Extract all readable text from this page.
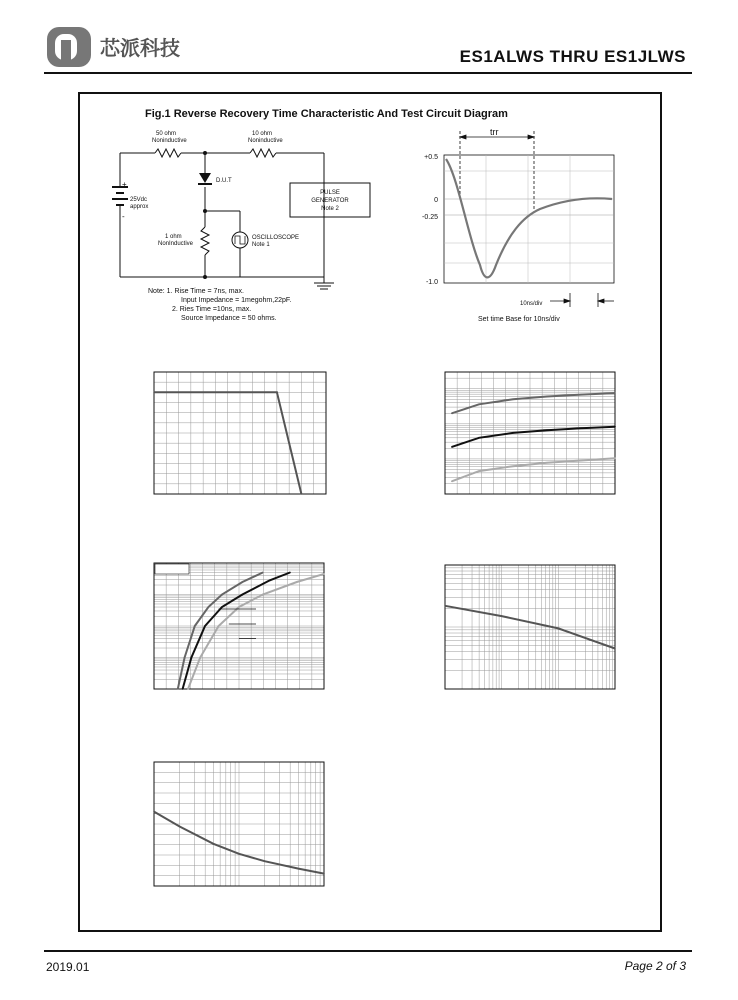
芯派科技	ES1ALWS THRU ES1JLWS
Fig.1 Reverse Recovery Time Characteristic And Test Circuit Diagram
50 ohm
Noninductive
10 ohm
Noninductive
D.U.T
25Vdc
approx
+
-
1 ohm
NonInductive
OSCILLOSCOPE
Note 1
PULSE
GENERATOR
Note 2
Note: 1. Rise Time = 7ns, max.
Input Impedance = 1megohm,22pF.
2. Ries Time =10ns, max.
Source Impedance = 50 ohms.
trr
+0.5
0
-0.25
-1.0
10ns/div
Set time Base for 10ns/div
2019.01	Page 2 of 3
